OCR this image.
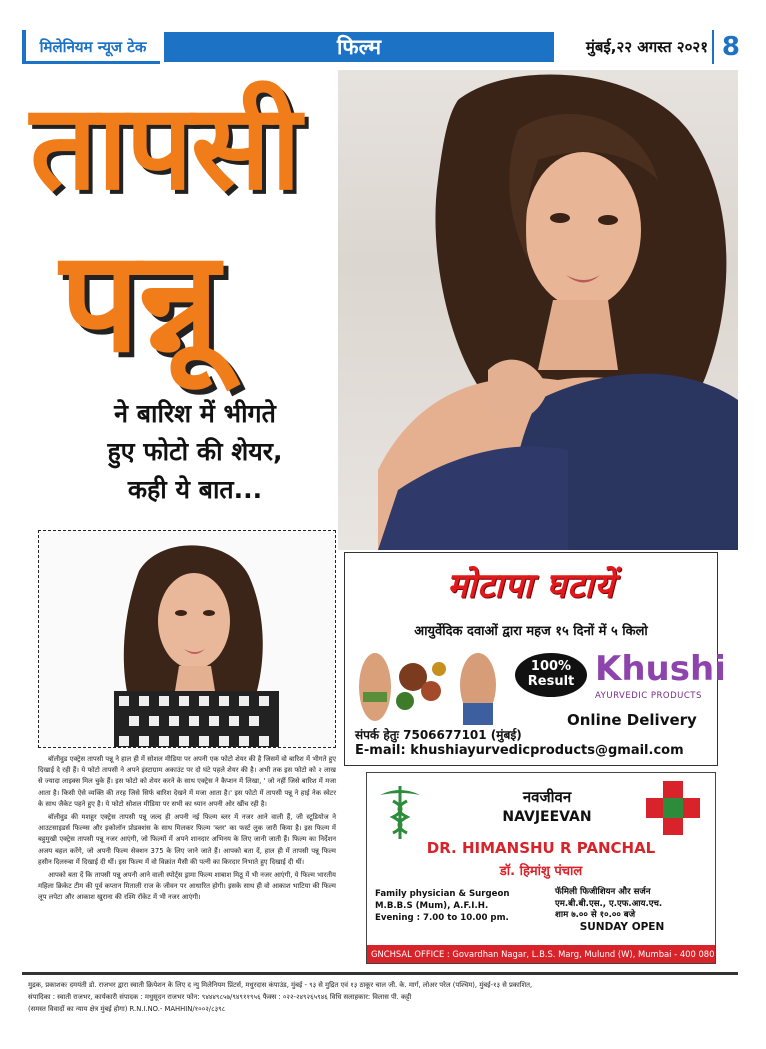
मिलेनियम न्यूज टेक	फिल्म	मुंबई,२२ अगस्त २०२१ 8
तापसी
पन्नू
ने बारिश में भीगते
हुए फोटो की शेयर,
कही ये बात...

बॉलीवुड एक्ट्रेस तापसी पन्नू ने हाल ही में सोशल मीडिया पर अपनी एक फोटो शेयर की है जिसमें वो बारिश में भीगते हुए दिखाई दे रही हैं। ये फोटो तापसी ने अपने इंस्टाग्राम अकाउंट पर दो घंटे पहले शेयर की है। अभी तक इस फोटो को २ लाख से ज्यादा लाइक्स मिल चुके हैं। इस फोटो को शेयर करने के साथ एक्ट्रेस ने कैप्शन में लिखा, ' जो नहीं जिसे बारिश में मजा आता है। किसी ऐसे व्यक्ति की तरह जिसे सिर्फ बारिश देखने में मजा आता है।' इस फोटो में तापसी पन्नू ने हाई नेक स्वेटर के साथ जैकेट पहने हुए है। ये फोटो सोशल मीडिया पर सभी का ध्यान अपनी ओर खींच रही है।

बॉलीवुड की मशहूर एक्ट्रेस तापसी पन्नू जल्द ही अपनी नई फिल्म ब्लर में नजर आने वाली हैं, जी स्टूडियोज ने आउटसाइडर्स फिल्म्स और इकोलॉन प्रोडक्शंस के साथ मिलकर फिल्म 'ब्लर' का फर्स्ट लुक जारी किया है। इस फिल्म में बहुमुखी एक्ट्रेस तापसी पन्नू नजर आएंगी, जो फिल्मों में अपने शानदार अभिनय के लिए जानी जाती हैं। फिल्म का निर्देशन अजय बहल करेंगे, जो अपनी फिल्म सेक्शन 375 के लिए जाने जाते हैं। आपको बता दें, हाल ही में तापसी पन्नू फिल्म हसीन दिलरुबा में दिखाई दी थीं। इस फिल्म में वो विक्रांत मैसी की पत्नी का किरदार निभाते हुए दिखाई दी थीं।

आपको बता दें कि तापसी पन्नू अपनी आने वाली स्पोर्ट्स ड्रामा फिल्म शाबाश मिठू में भी नजर आएंगी, ये फिल्म भारतीय महिला क्रिकेट टीम की पूर्व कप्तान मिताली राज के जीवन पर आधारित होगी। इसके साथ ही वो आकाश भाटिया की फिल्म लूप लपेटा और आकाश खुराना की रश्मि रॉकेट में भी नजर आएंगी।

मोटापा घटायें
आयुर्वेदिक दवाओं द्वारा महज १५ दिनों में ५ किलो
100%
Result Khushi
AYURVEDIC PRODUCTS
Online Delivery
संपर्क हेतुः 7506677101 (मुंबई)
E-mail: khushiayurvedicproducts@gmail.com
नवजीवन
NAVJEEVAN
DR. HIMANSHU R PANCHAL
डॉ. हिमांशु पंचाल
Family physician & Surgeon
M.B.B.S (Mum), A.F.I.H.
Evening : 7.00 to 10.00 pm.
फॅमिली फिजीशियन और सर्जन
एम.बी.बी.एस., ए.एफ.आय.एच.
शाम ७.०० से १०.०० बजे
SUNDAY OPEN
GNCHSAL OFFICE : Govardhan Nagar, L.B.S. Marg, Mulund (W), Mumbai - 400 080
मुद्रक, प्रकाशकः दमयंती डो. राजभर द्वारा स्वाती क्रियेशन के लिए द न्यु मिलेनियम प्रिंटर्स, मधुरदास कंपाउंड, मुंबई - ९३ से मुद्रित एवं १३ ठाकूर चाल जी. के. मार्ग, लोअर परेल (पश्चिम), मुंबई-१३ से प्रकाशित,
संपादिका : स्वाती राजभर, कार्यकारी संपादक : मधुसूदन राजभर फोन: ९४४४९८५७/९४९११९५६ फैक्स : ०२२-२४९२६५९४६ विधि सलाहकार: विलास पी. कट्टी
(समस्त विवादों का न्याय क्षेत्र मुंबई होगा) R.N.I.NO.- MAHHIN/१००२/८३९८
